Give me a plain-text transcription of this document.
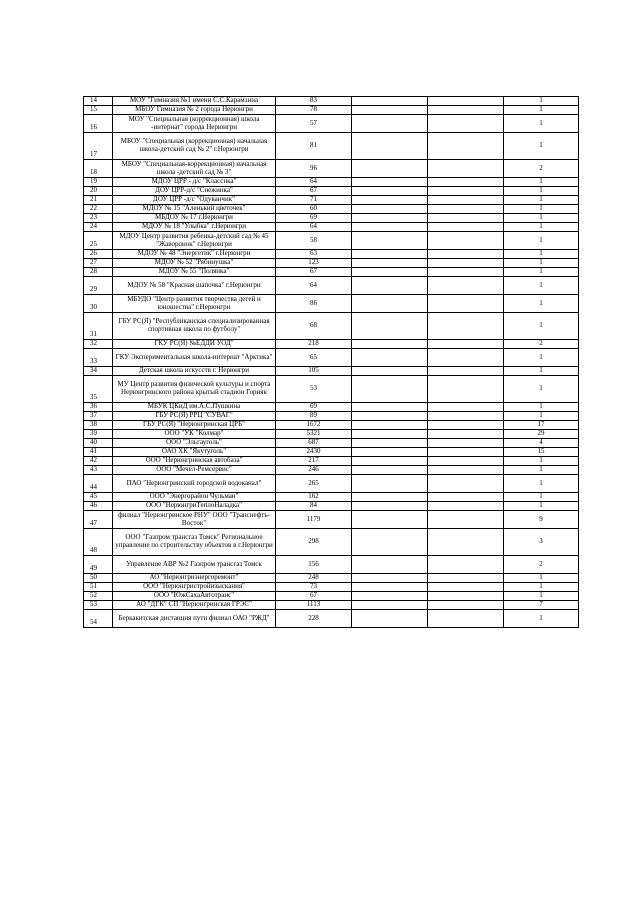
14	МОУ "Гимназия №1 имени С.С.Карамзина	83			1
15	МБОУ Гимназия № 2 города Нерюнгри	78			1
16	МОУ "Специальная (коррекционная) школа -интернат" города Нерюнгри	57			1
17	МБОУ "Специальная (коррекционная) начальная школа-детский сад № 2" г.Нерюнгри	81			1
18	МБОУ "Специальная-коррекционная) начальная школа -детский сад № 3"	96			2
19	МДОУ ЦРР - д/с "Классика"	64			1
20	ДОУ ЦРР-д/с "Снежинка"	67			1
21	ДОУ ЦРР -д/с "Одуванчик"	71			1
22	МДОУ № 15 "Аленький цветочек"	60			1
23	МБДОУ № 17 г.Нерюнгри	69			1
24	МДОУ № 18 "Улыбка" г.Нерюнгри	64			1
25	МДОУ Центр развития ребенка-детский сад № 45 "Жаворонок" г.Нерюнгри	58			1
26	МДОУ № 48 "Энергетик" г.Нерюнгри	63			1
27	МДОУ № 52 "Рябинушка"	123			1
28	МДОУ № 55 "Полянка"	67			1
29	МДОУ № 58 "Красная шапочка" г.Нерюнгри	64			1
30	МБУДО "Центр развития творчества детей и юношества" г.Нерюнгри	86			1
31	ГБУ РС(Я) "Республиканская специализированная спортивная школа по футболу"	68			1
32	ГКУ РС(Я) №ЕДДИ УОД"	218			2
33	ГКУ Экспериментальная школа-интернат "Арктика"	65			1
34	Детская школа искусств г. Нерюнгри	105			1
35	МУ Центр развития физической культуры и спорта Нерюнгринского района крытый стадион Горняк	53			1
36	МБУК ЦКиД им.А.С.Пушкина	69			1
37	ГБУ РС(Я) РРЦ "СУВАГ"	89			1
38	ГБУ РС(Я) "Нерюнгринская ЦРБ"	1672			17
39	ООО "УК "Колмар"	5321			29
40	ООО "Эльгауголь"	687			4
41	ОАО ХК "Якутуголь"	2430			15
42	ООО "Нерюнгринская автобаза"	217			1
43	ООО "Мечел-Ремсервис"	246			1
44	ПАО "Нерюнгринский городской водоканал"	265			1
45	ООО "Энергорайон Чульман"	162			1
46	ООО "НерюнгриТеплоНаладка"	84			1
47	филиал "Нерюнгринское РНУ" ООО "Транснефть-Восток"	1179			9
48	ООО "Газпром трансгаз Томск" Региональное управление по строительству объектов в г.Нерюнгри	298			3
49	Управление АВР №2 Газпром трансгаз Томск	156			2
50	АО "Нерюнгриэнергоремонт"	248			1
51	ООО "Нерюнгристройизыскания"	73			1
52	ООО "ЮжСахаАвтотранс"	67			1
53	АО "ДГК" СП "Нерюнгринская ГРЭС"	1113			7
54	Беркакитская дистанция пути филиал ОАО "РЖД"	228			1
